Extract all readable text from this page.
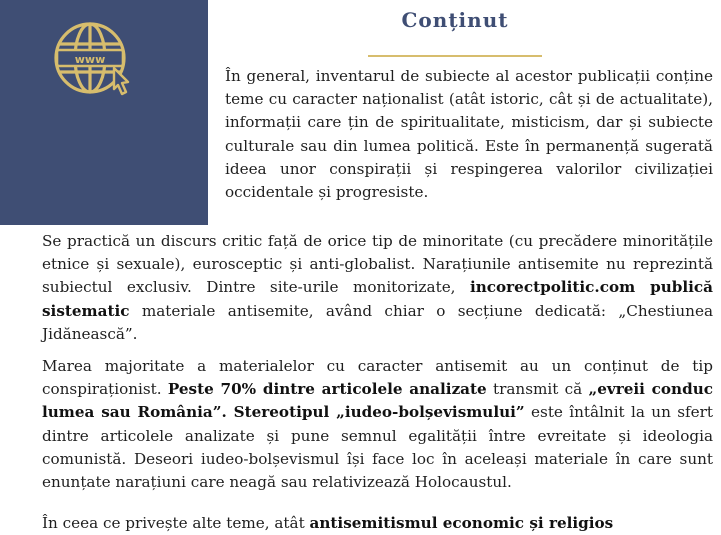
www
Conținut

În general, inventarul de subiecte al acestor publicații conține teme cu caracter naționalist (atât istoric, cât și de actualitate), informații care țin de spiritualitate, misticism, dar și subiecte culturale sau din lumea politică. Este în permanență sugerată ideea unor conspirații și respingerea valorilor civilizației occidentale și progresiste.

Se practică un discurs critic față de orice tip de minoritate (cu precădere minoritățile etnice și sexuale), eurosceptic și anti-globalist. Narațiunile antisemite nu reprezintă subiectul exclusiv. Dintre site-urile monitorizate, incorectpolitic.com publică sistematic materiale antisemite, având chiar o secțiune dedicată: „Chestiunea Jidănească”.

Marea majoritate a materialelor cu caracter antisemit au un conținut de tip conspiraționist. Peste 70% dintre articolele analizate transmit că „evreii conduc lumea sau România”. Stereotipul „iudeo-bolșevismului” este întâlnit la un sfert dintre articolele analizate și pune semnul egalității între evreitate și ideologia comunistă. Deseori iudeo-bolșevismul își face loc în aceleași materiale în care sunt enunțate narațiuni care neagă sau relativizează Holocaustul.

În ceea ce privește alte teme, atât antisemitismul economic și religios
